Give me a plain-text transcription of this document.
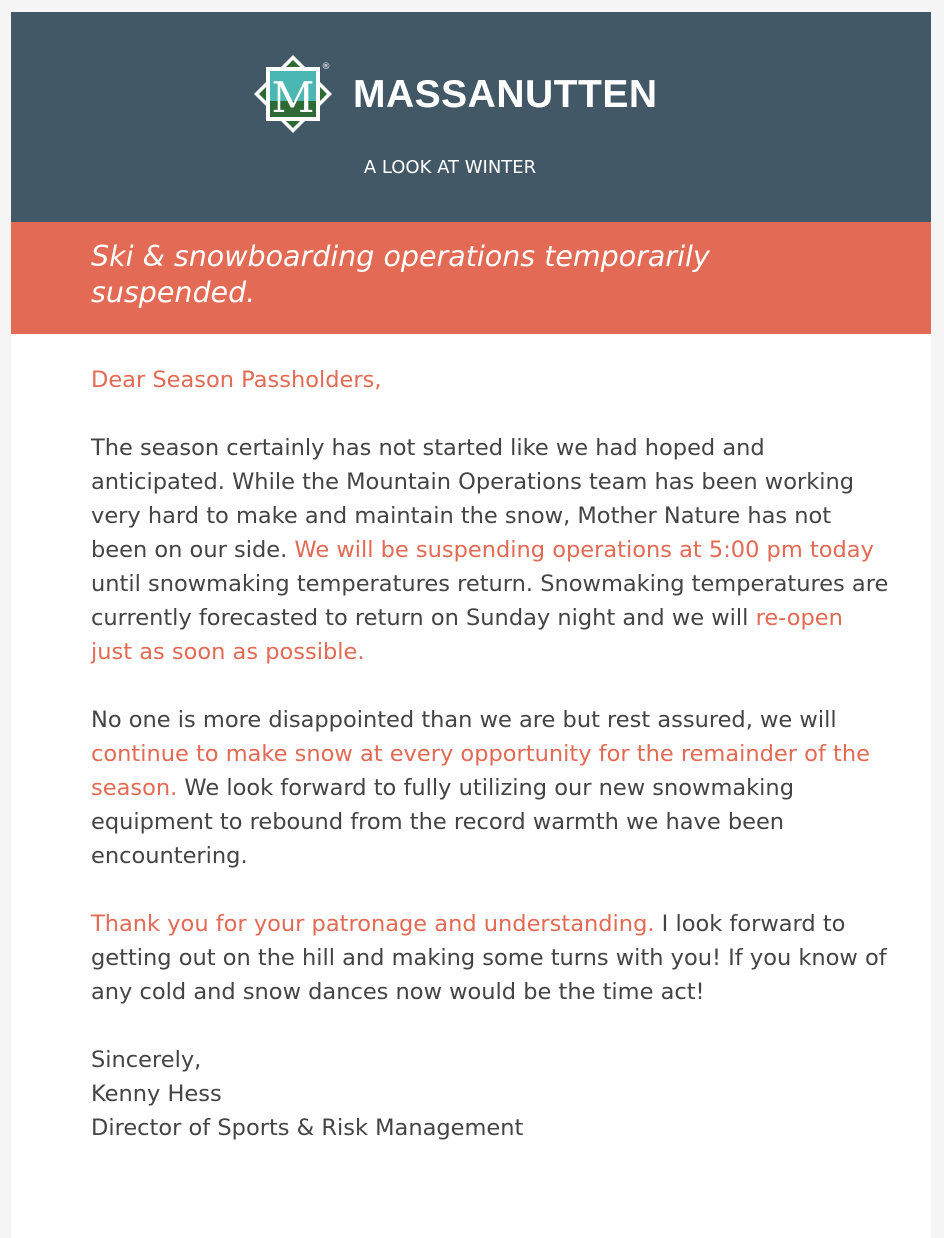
M
®
MASSANUTTEN
A LOOK AT WINTER
Ski & snowboarding operations temporarily suspended.

Dear Season Passholders,

The season certainly has not started like we had hoped and anticipated. While the Mountain Operations team has been working very hard to make and maintain the snow, Mother Nature has not been on our side. We will be suspending operations at 5:00 pm today until snowmaking temperatures return. Snowmaking temperatures are currently forecasted to return on Sunday night and we will re-open just as soon as possible.

No one is more disappointed than we are but rest assured, we will continue to make snow at every opportunity for the remainder of the season. We look forward to fully utilizing our new snowmaking equipment to rebound from the record warmth we have been encountering.

Thank you for your patronage and understanding. I look forward to getting out on the hill and making some turns with you! If you know of any cold and snow dances now would be the time act!

Sincerely,

Kenny Hess

Director of Sports & Risk Management
